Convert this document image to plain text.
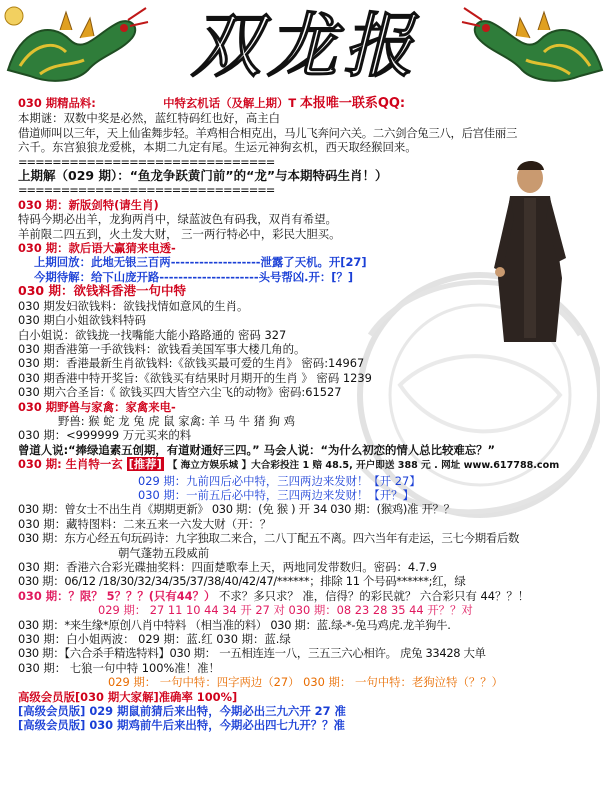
双龙报
030 期精品料:	中特玄机话（及解上期）T 本报唯一联系QQ:
本期谜：双数中奖是必然，蓝红特码红也好，高主白
借道师叫以三年，天上仙雀舞步轻。羊鸡相合相克出，马儿飞奔问六关。二六剑合兔三八，后宫佳丽三
六千。东宫狼狼龙爱桃，本期二九定有尾。生运元神狗玄机，西天取经猴回来。
==============================
上期解（029 期）：“鱼龙争跃黄门前”的“龙”与本期特码生肖！）
==============================
030 期：新版剑特(请生肖)
特码今期必出羊，龙狗两肖中，绿蓝波色有码我，双肖有希望。
羊前限二四五到，火土发大财， 三一两行特必中，彩民大胆买。
030 期：款后语大赢猜来电透-
上期回放：此地无银三百两-------------------泄露了天机。开[27]
今期待解：给下山庞开路---------------------头号帮凶.开：[？]
030 期：欲钱料香港一句中特
030 期发妇欲钱料：欲钱找情如意风的生肖。
030 期白小姐欲钱料特码
白小姐说：欲钱拢一找嘴能大能小路路通的 密码 327
030 期香港第一手欲钱料：欲钱看美国军事大楼几角的。
030 期：香港最新生肖欲钱料:《欲钱买最可爱的生肖》 密码:14967
030 期香港中特开奖旨:《欲钱买有结果时月期开的生肖 》 密码 1239
030 期六合圣旨:《 欲钱买四大皆空六尘飞的动物》密码:61527
030 期野兽与家禽：家禽来电-
野兽: 猴 蛇 龙 兔 虎 鼠 家禽: 羊 马 牛 猪 狗 鸡
030 期：<999999 万元买来的料
曾道人说:“捧绿追素五创期，有道财通好三四。” 马会人说：“为什么初恋的情人总比较难忘？”
030 期: 生肖特一玄 [推荐] 【 海立方娱乐城 】大合彩投注 1 赔 48.5, 开户即送 388 元 . 网址 www.617788.com
029 期：九前四后必中特，三四两边来发财！【开 27】
030 期：一前五后必中特，三四两边来发财！【开？】
030 期：曾女士不出生肖《期期更新》 030 期：(免 猴 ) 开 34 030 期：(猴鸡)准 开？？
030 期：藏特图料：二来五来一六发大财（开：？
030 期：东方心经五句玩码诗：九字独取二来合，二八丁配五不离。四六当年有走运，三七今期看后数
朝气蓬勃五段威前
030 期：香港六合彩光碟抽奖料：四面楚歌奉上天，两地同发带数归。密码：4.7.9
030 期：06/12 /18/30/32/34/35/37/38/40/42/47/******；排除 11 个号码******;红，绿
030 期：？限？ 5？？？(只有44？） 不求？多只求？ 准，信得？的彩民就？ 六合彩只有 44？？！
029 期： 27 11 10 44 34 开 27 对 030 期：08 23 28 35 44 开？？对
030 期：*来生缘*原创八肖中特料 （相当准的料） 030 期：蓝.绿-*-兔马鸡虎.龙羊狗牛.
030 期：白小姐两波： 029 期：蓝.红 030 期：蓝.绿
030 期：【六合杀手精选特料】030 期： 一五相连连一八，三五三六心相许。 虎兔 33428 大单
030 期： 七狼一句中特 100%准！准！
029 期： 一句中特：四字两边（27） 030 期： 一句中特：老狗泣特（？？）
高级会员版[030 期大家解]准确率 100%]
[高级会员版] 029 期鼠前猜后来出特，今期必出三九六开 27 准
[高级会员版] 030 期鸡前牛后来出特，今期必出四七九开？？准
